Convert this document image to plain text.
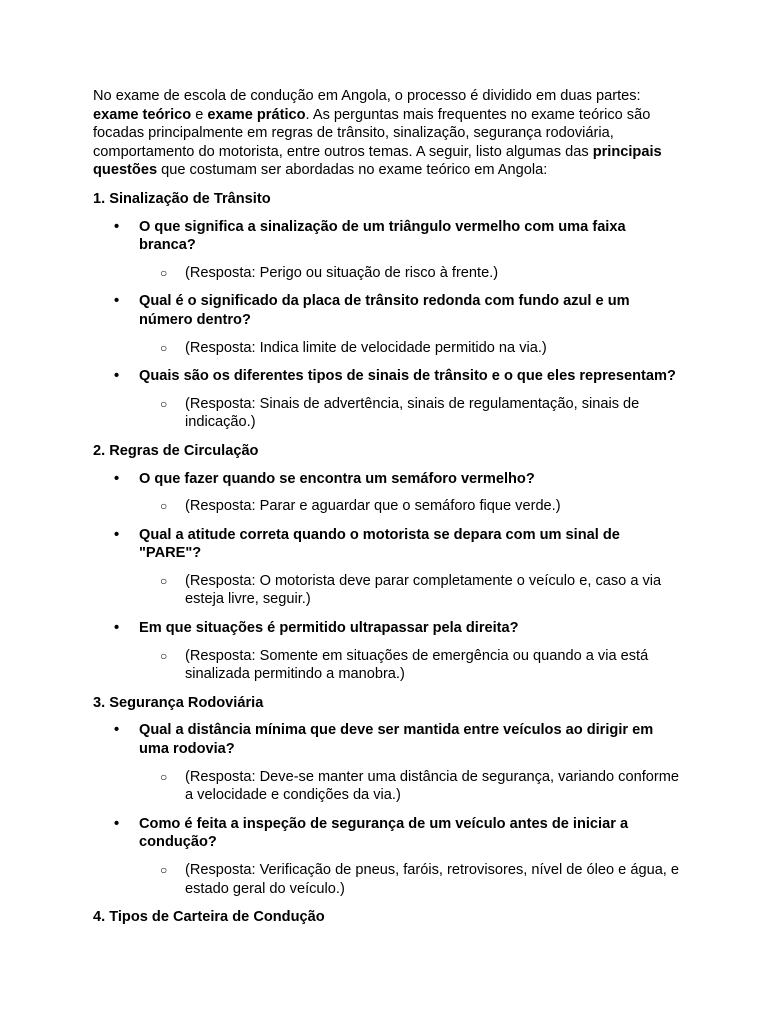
No exame de escola de condução em Angola, o processo é dividido em duas partes: exame teórico e exame prático. As perguntas mais frequentes no exame teórico são focadas principalmente em regras de trânsito, sinalização, segurança rodoviária, comportamento do motorista, entre outros temas. A seguir, listo algumas das principais questões que costumam ser abordadas no exame teórico em Angola:

1. Sinalização de Trânsito
• O que significa a sinalização de um triângulo vermelho com uma faixa branca?
○ (Resposta: Perigo ou situação de risco à frente.)
• Qual é o significado da placa de trânsito redonda com fundo azul e um número dentro?
○ (Resposta: Indica limite de velocidade permitido na via.)
• Quais são os diferentes tipos de sinais de trânsito e o que eles representam?
○ (Resposta: Sinais de advertência, sinais de regulamentação, sinais de indicação.)
2. Regras de Circulação
• O que fazer quando se encontra um semáforo vermelho?
○ (Resposta: Parar e aguardar que o semáforo fique verde.)
• Qual a atitude correta quando o motorista se depara com um sinal de "PARE"?
○ (Resposta: O motorista deve parar completamente o veículo e, caso a via esteja livre, seguir.)
• Em que situações é permitido ultrapassar pela direita?
○ (Resposta: Somente em situações de emergência ou quando a via está sinalizada permitindo a manobra.)
3. Segurança Rodoviária
• Qual a distância mínima que deve ser mantida entre veículos ao dirigir em uma rodovia?
○ (Resposta: Deve-se manter uma distância de segurança, variando conforme a velocidade e condições da via.)
• Como é feita a inspeção de segurança de um veículo antes de iniciar a condução?
○ (Resposta: Verificação de pneus, faróis, retrovisores, nível de óleo e água, e estado geral do veículo.)
4. Tipos de Carteira de Condução
